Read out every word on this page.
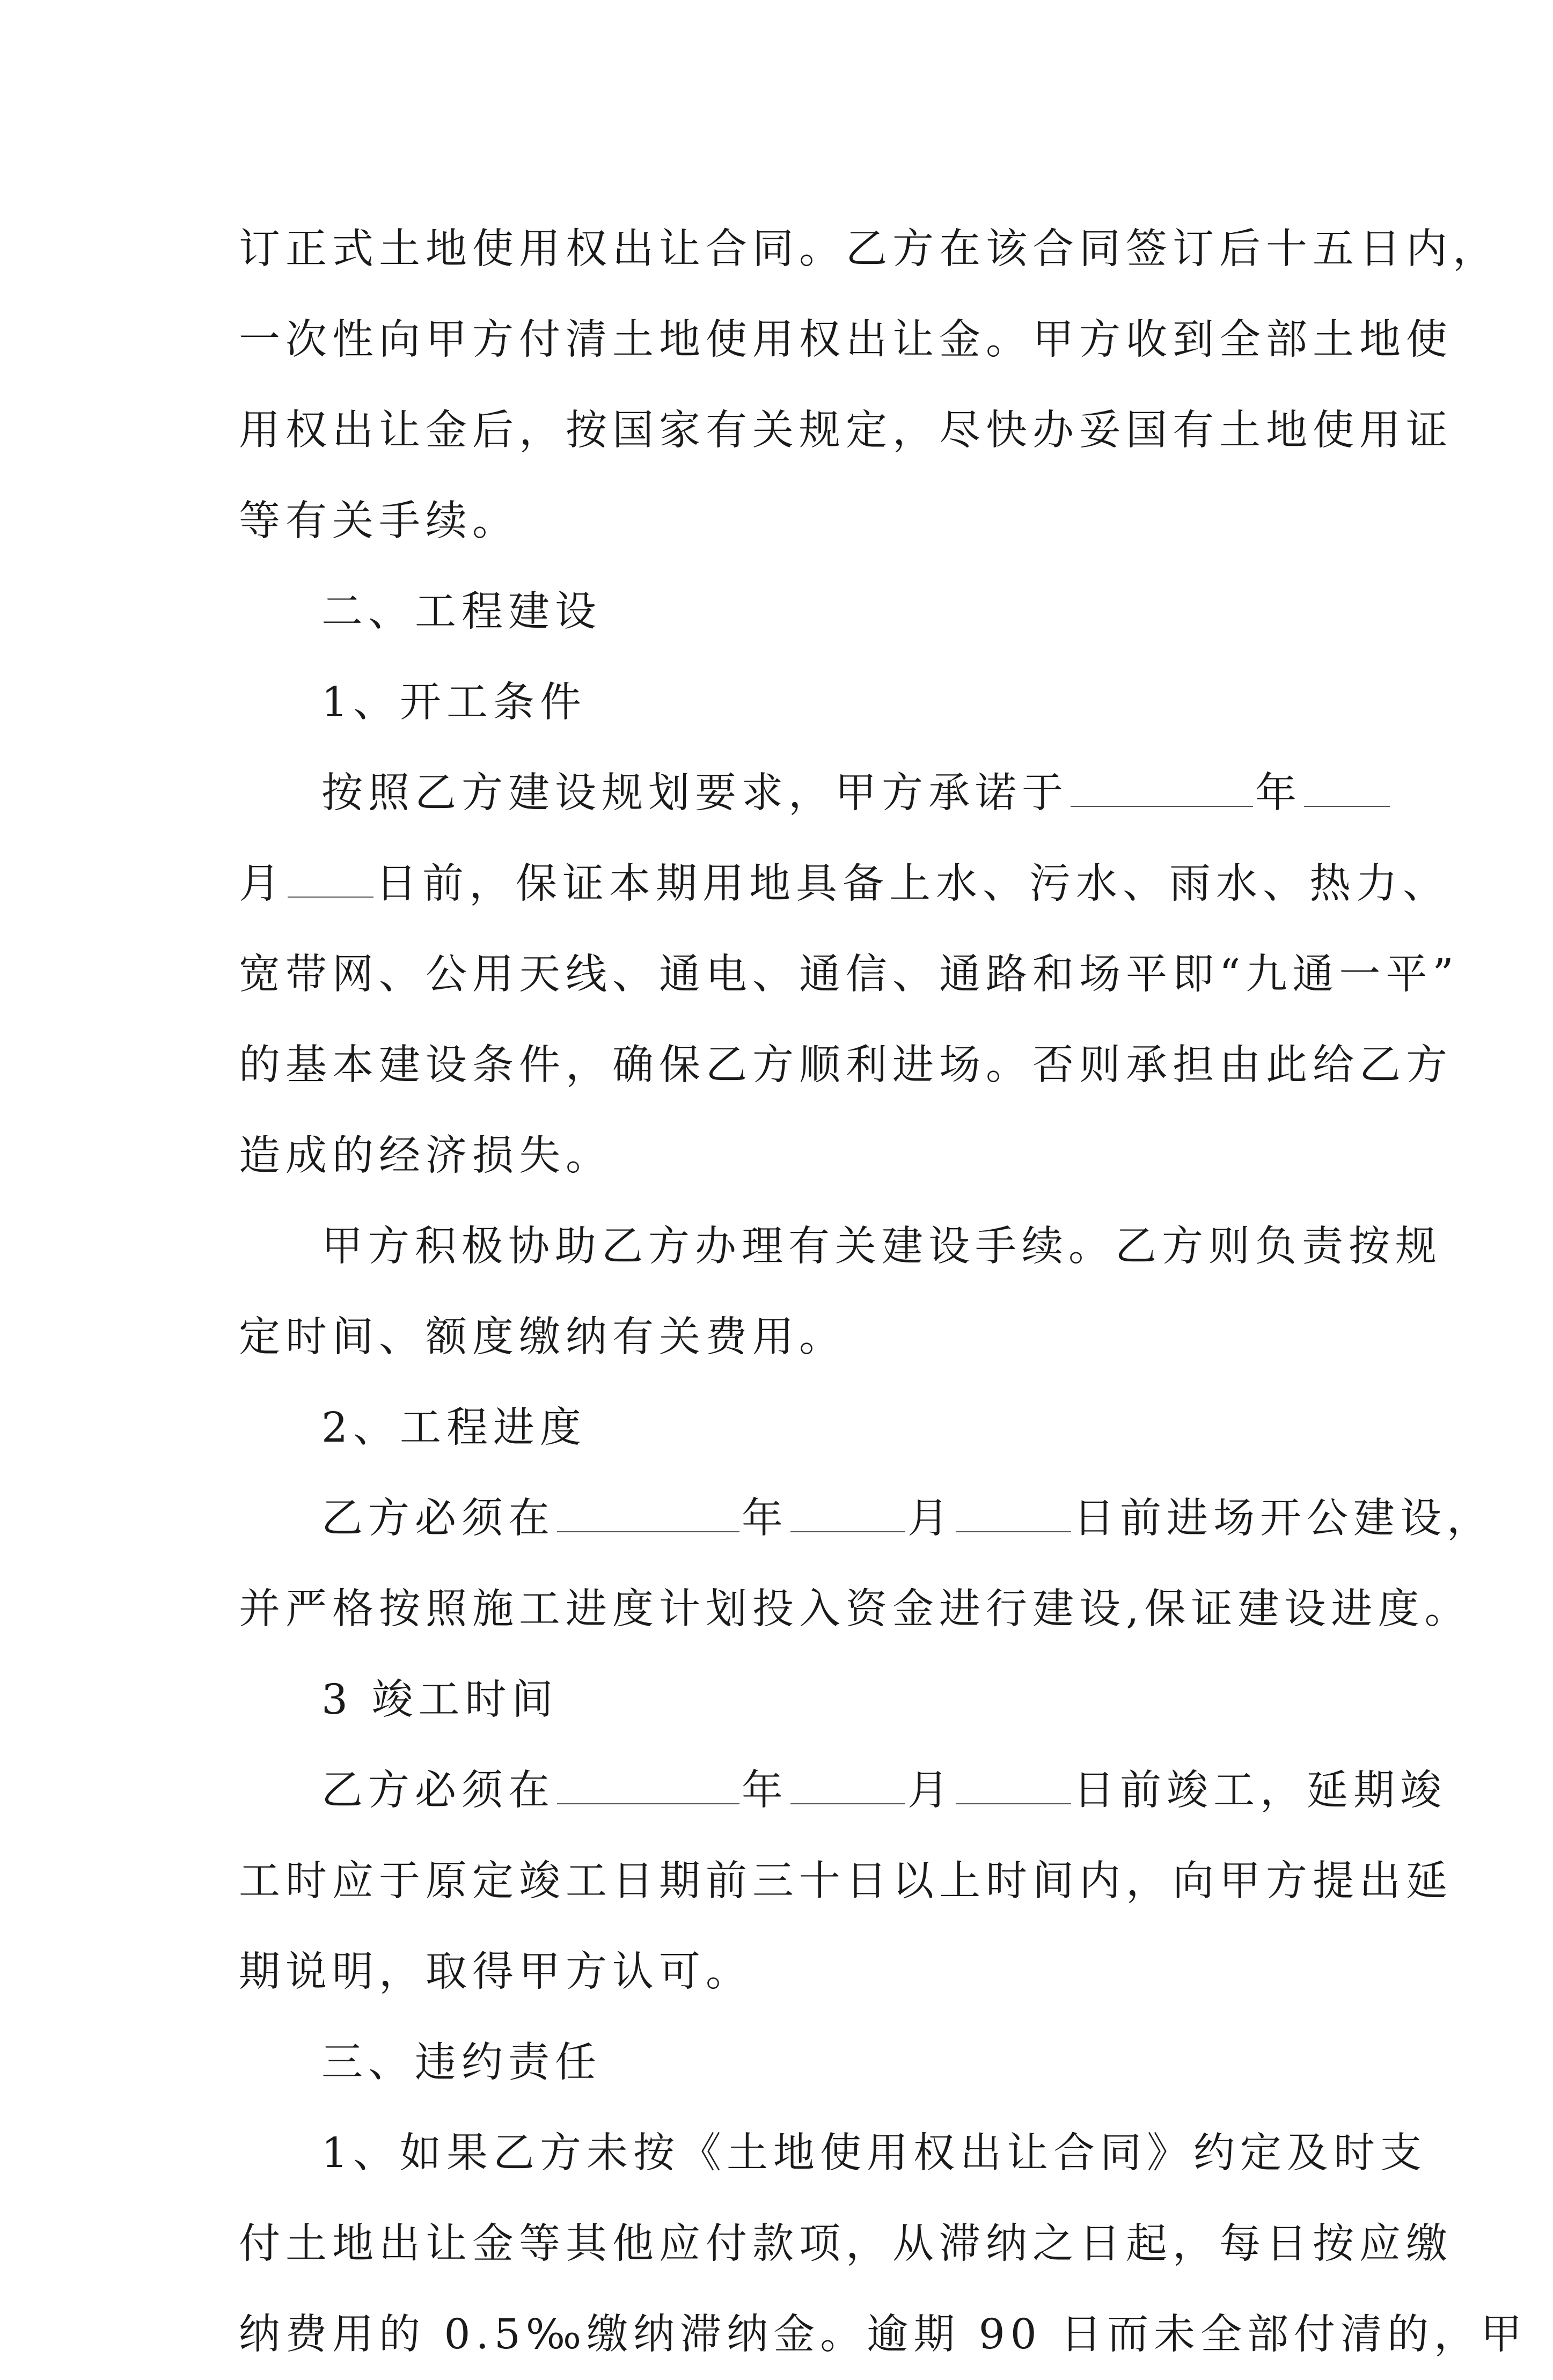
订正式土地使用权出让合同。乙方在该合同签订后十五日内，
一次性向甲方付清土地使用权出让金。甲方收到全部土地使
用权出让金后，按国家有关规定，尽快办妥国有土地使用证
等有关手续。
二、工程建设
1、开工条件
按照乙方建设规划要求，甲方承诺于	年
月 日前，保证本期用地具备上水、污水、雨水、热力、
宽带网、公用天线、通电、通信、通路和场平即“九通一平”
的基本建设条件，确保乙方顺利进场。否则承担由此给乙方
造成的经济损失。
甲方积极协助乙方办理有关建设手续。乙方则负责按规
定时间、额度缴纳有关费用。
2、工程进度
乙方必须在	年	月	日前进场开公建设，
并严格按照施工进度计划投入资金进行建设,保证建设进度。
3 竣工时间
乙方必须在	年	月	日前竣工，延期竣
工时应于原定竣工日期前三十日以上时间内，向甲方提出延
期说明，取得甲方认可。
三、违约责任
1、如果乙方未按《土地使用权出让合同》约定及时支
付土地出让金等其他应付款项，从滞纳之日起，每日按应缴
纳费用的 0.5‰缴纳滞纳金。逾期 90 日而未全部付清的，甲
